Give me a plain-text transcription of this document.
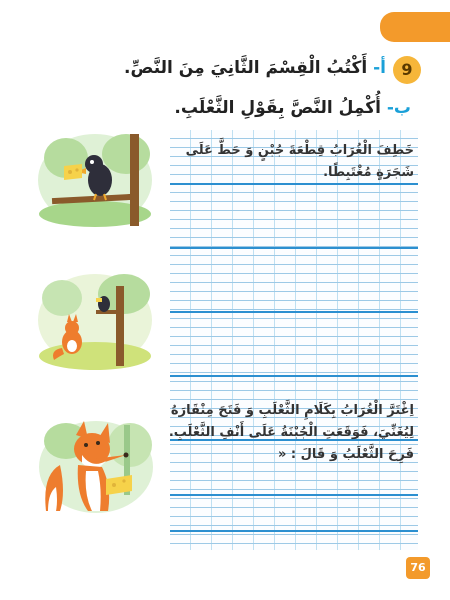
9
أ- أَكْتُبُ الْقِسْمَ الثَّانِيَ مِنَ النَّصِّ.
ب- أُكْمِلُ النَّصَّ بِقَوْلِ الثَّعْلَبِ.
خَطِفَ الْغُرَابُ قِطْعَةَ جُبْنٍ وَ حَطَّ عَلَى
شَجَرَةٍ مُغْتَبِطًا.
اِغْتَرَّ الْغُرَابُ بِكَلَامِ الثَّعْلَبِ وَ فَتَحَ مِنْقَارَهُ
لِيُغَنِّيَ، فَوَقَعَتِ الْجُبْنَةُ عَلَى أَنْفِ الثَّعْلَبِ.
فَرِحَ الثَّعْلَبُ وَ قَالَ : «
76
